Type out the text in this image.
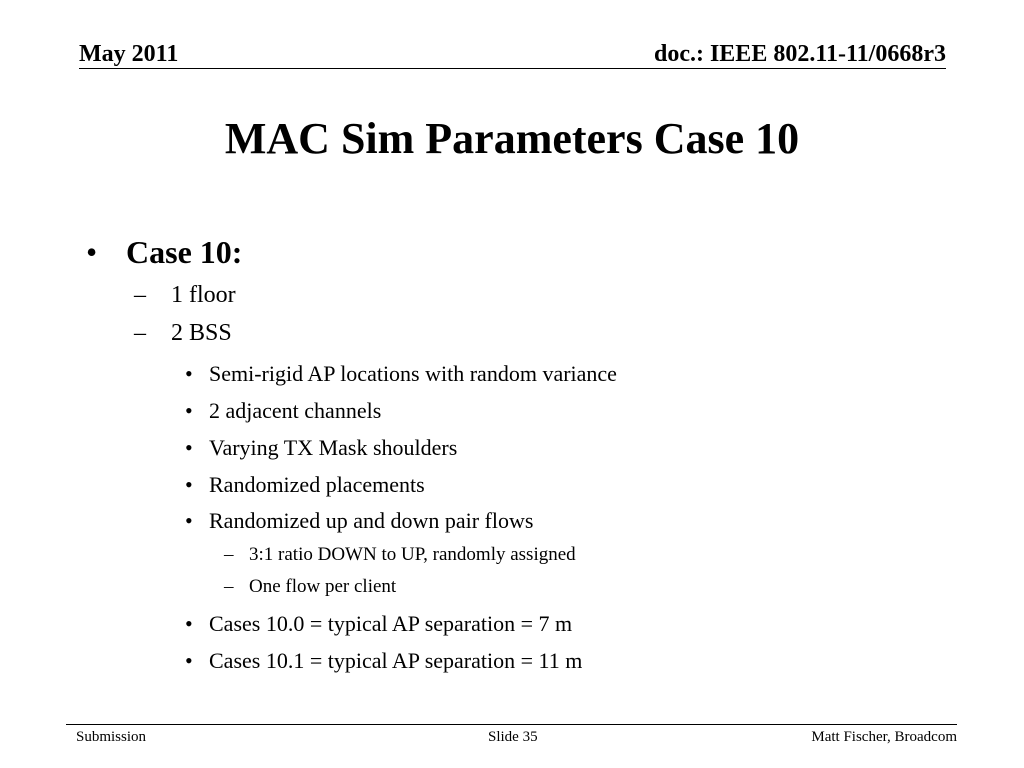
May 2011	doc.: IEEE 802.11-11/0668r3
MAC Sim Parameters Case 10
• Case 10:
– 1 floor
– 2 BSS
• Semi-rigid AP locations with random variance
• 2 adjacent channels
• Varying TX Mask shoulders
• Randomized placements
• Randomized up and down pair flows
– 3:1 ratio DOWN to UP, randomly assigned
– One flow per client
• Cases 10.0 = typical AP separation = 7 m
• Cases 10.1 = typical AP separation = 11 m
Submission	Slide 35	Matt Fischer, Broadcom
